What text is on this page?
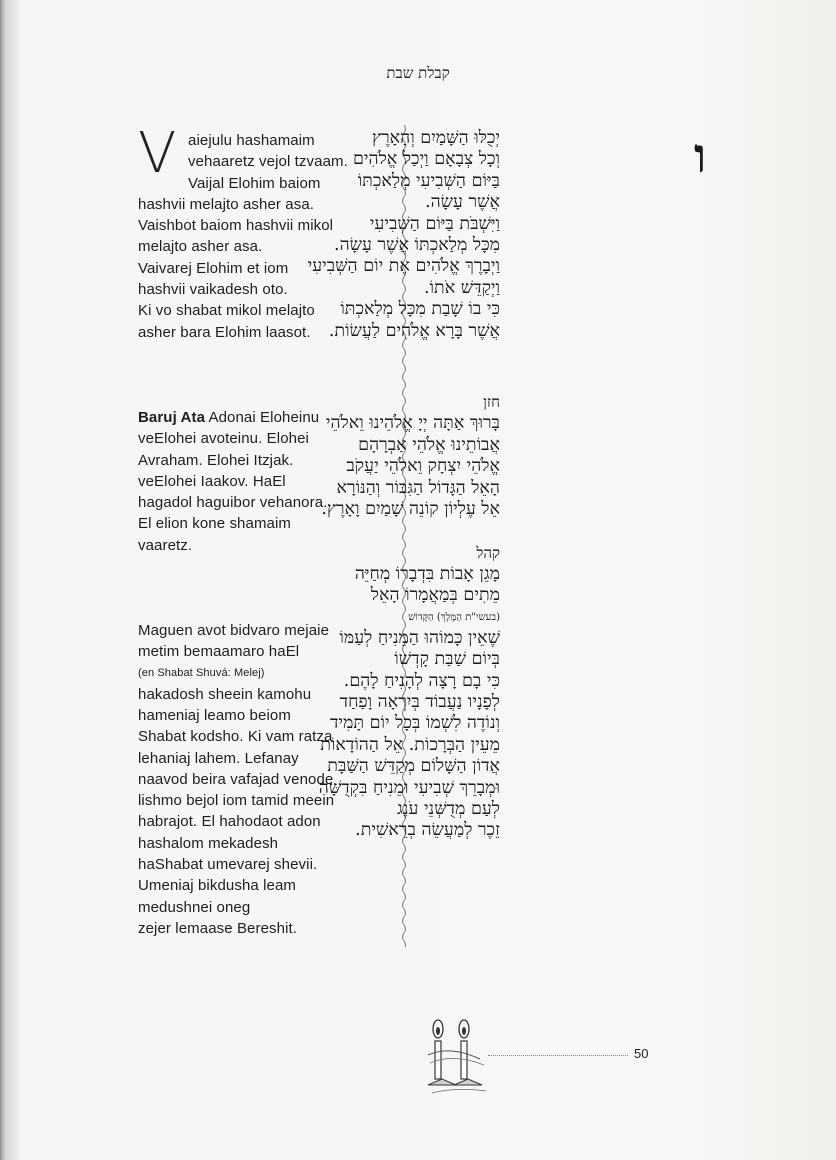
קבלת שבת
V aiejulu hashamaim
vehaaretz vejol tzvaam.
Vaijal Elohim baiom
hashvii melajto asher asa.
Vaishbot baiom hashvii mikol
melajto asher asa.
Vaivarej Elohim et iom
hashvii vaikadesh oto.
Ki vo shabat mikol melajto
asher bara Elohim laasot.
Baruj Ata Adonai Eloheinu
veElohei avoteinu. Elohei
Avraham. Elohei Itzjak.
veElohei Iaakov. HaEl
hagadol haguibor vehanora.
El elion kone shamaim
vaaretz.
Maguen avot bidvaro mejaie
metim bemaamaro haEl
(en Shabat Shuvá: Melej)
hakadosh sheein kamohu
hameniaj leamo beiom
Shabat kodsho. Ki vam ratza
lehaniaj lahem. Lefanay
naavod beira vafajad venode
lishmo bejol iom tamid meein
habrajot. El hahodaot adon
hashalom mekadesh
haShabat umevarej shevii.
Umeniaj bikdusha leam
medushnei oneg
zejer lemaase Bereshit.
ו
יְכֻלּוּ הַשָּׁמַיִם וְהָאָרֶץ
וְכָל צְבָאָם וַיְכַל אֱלֹהִים
בַּיּוֹם הַשְּׁבִיעִי מְלַאכְתּוֹ
אֲשֶׁר עָשָׂה.
וַיִּשְׁבֹּת בַּיּוֹם הַשְּׁבִיעִי
מִכָּל מְלַאכְתּוֹ אֲשֶׁר עָשָׂה.
וַיְבָרֶךְ אֱלֹהִים אֶת יוֹם הַשְּׁבִיעִי
וַיְקַדֵּשׁ אֹתוֹ.
כִּי בוֹ שָׁבַת מִכָּל מְלַאכְתּוֹ
אֲשֶׁר בָּרָא אֱלֹהִים לַעֲשׂוֹת.
חזן
בָּרוּךְ אַתָּה יְיָ אֱלֹהֵינוּ וֵאלֹהֵי
אֲבוֹתֵינוּ אֱלֹהֵי אַבְרָהָם
אֱלֹהֵי יִצְחָק וֵאלֹהֵי יַעֲקֹב
הָאֵל הַגָּדוֹל הַגִּבּוֹר וְהַנּוֹרָא
אֵל עֶלְיוֹן קוֹנֵה שָׁמַיִם וָאָרֶץ.
קהל
מָגֵן אָבוֹת בִּדְבָרוֹ מְחַיֵּה
מֵתִים בְּמַאֲמָרוֹ הָאֵל
(בעשי"ת הַמֶּלֶךְ) הַקָּדוֹשׁ
שֶׁאֵין כָּמוֹהוּ הַמֵּנִיחַ לְעַמּוֹ
בְּיוֹם שַׁבַּת קָדְשׁוֹ
כִּי בָם רָצָה לְהָנִיחַ לָהֶם.
לְפָנָיו נַעֲבוֹד בְּיִרְאָה וָפַחַד
וְנוֹדֶה לִשְׁמוֹ בְּכָל יוֹם תָּמִיד
מֵעֵין הַבְּרָכוֹת. אֵל הַהוֹדָאוֹת
אֲדוֹן הַשָּׁלוֹם מְקַדֵּשׁ הַשַּׁבָּת
וּמְבָרֵךְ שְׁבִיעִי וּמֵנִיחַ בִּקְדֻשָּׁה
לְעַם מְדֻשְּׁנֵי עֹנֶג
זֵכֶר לְמַעֲשֵׂה בְרֵאשִׁית.
50
